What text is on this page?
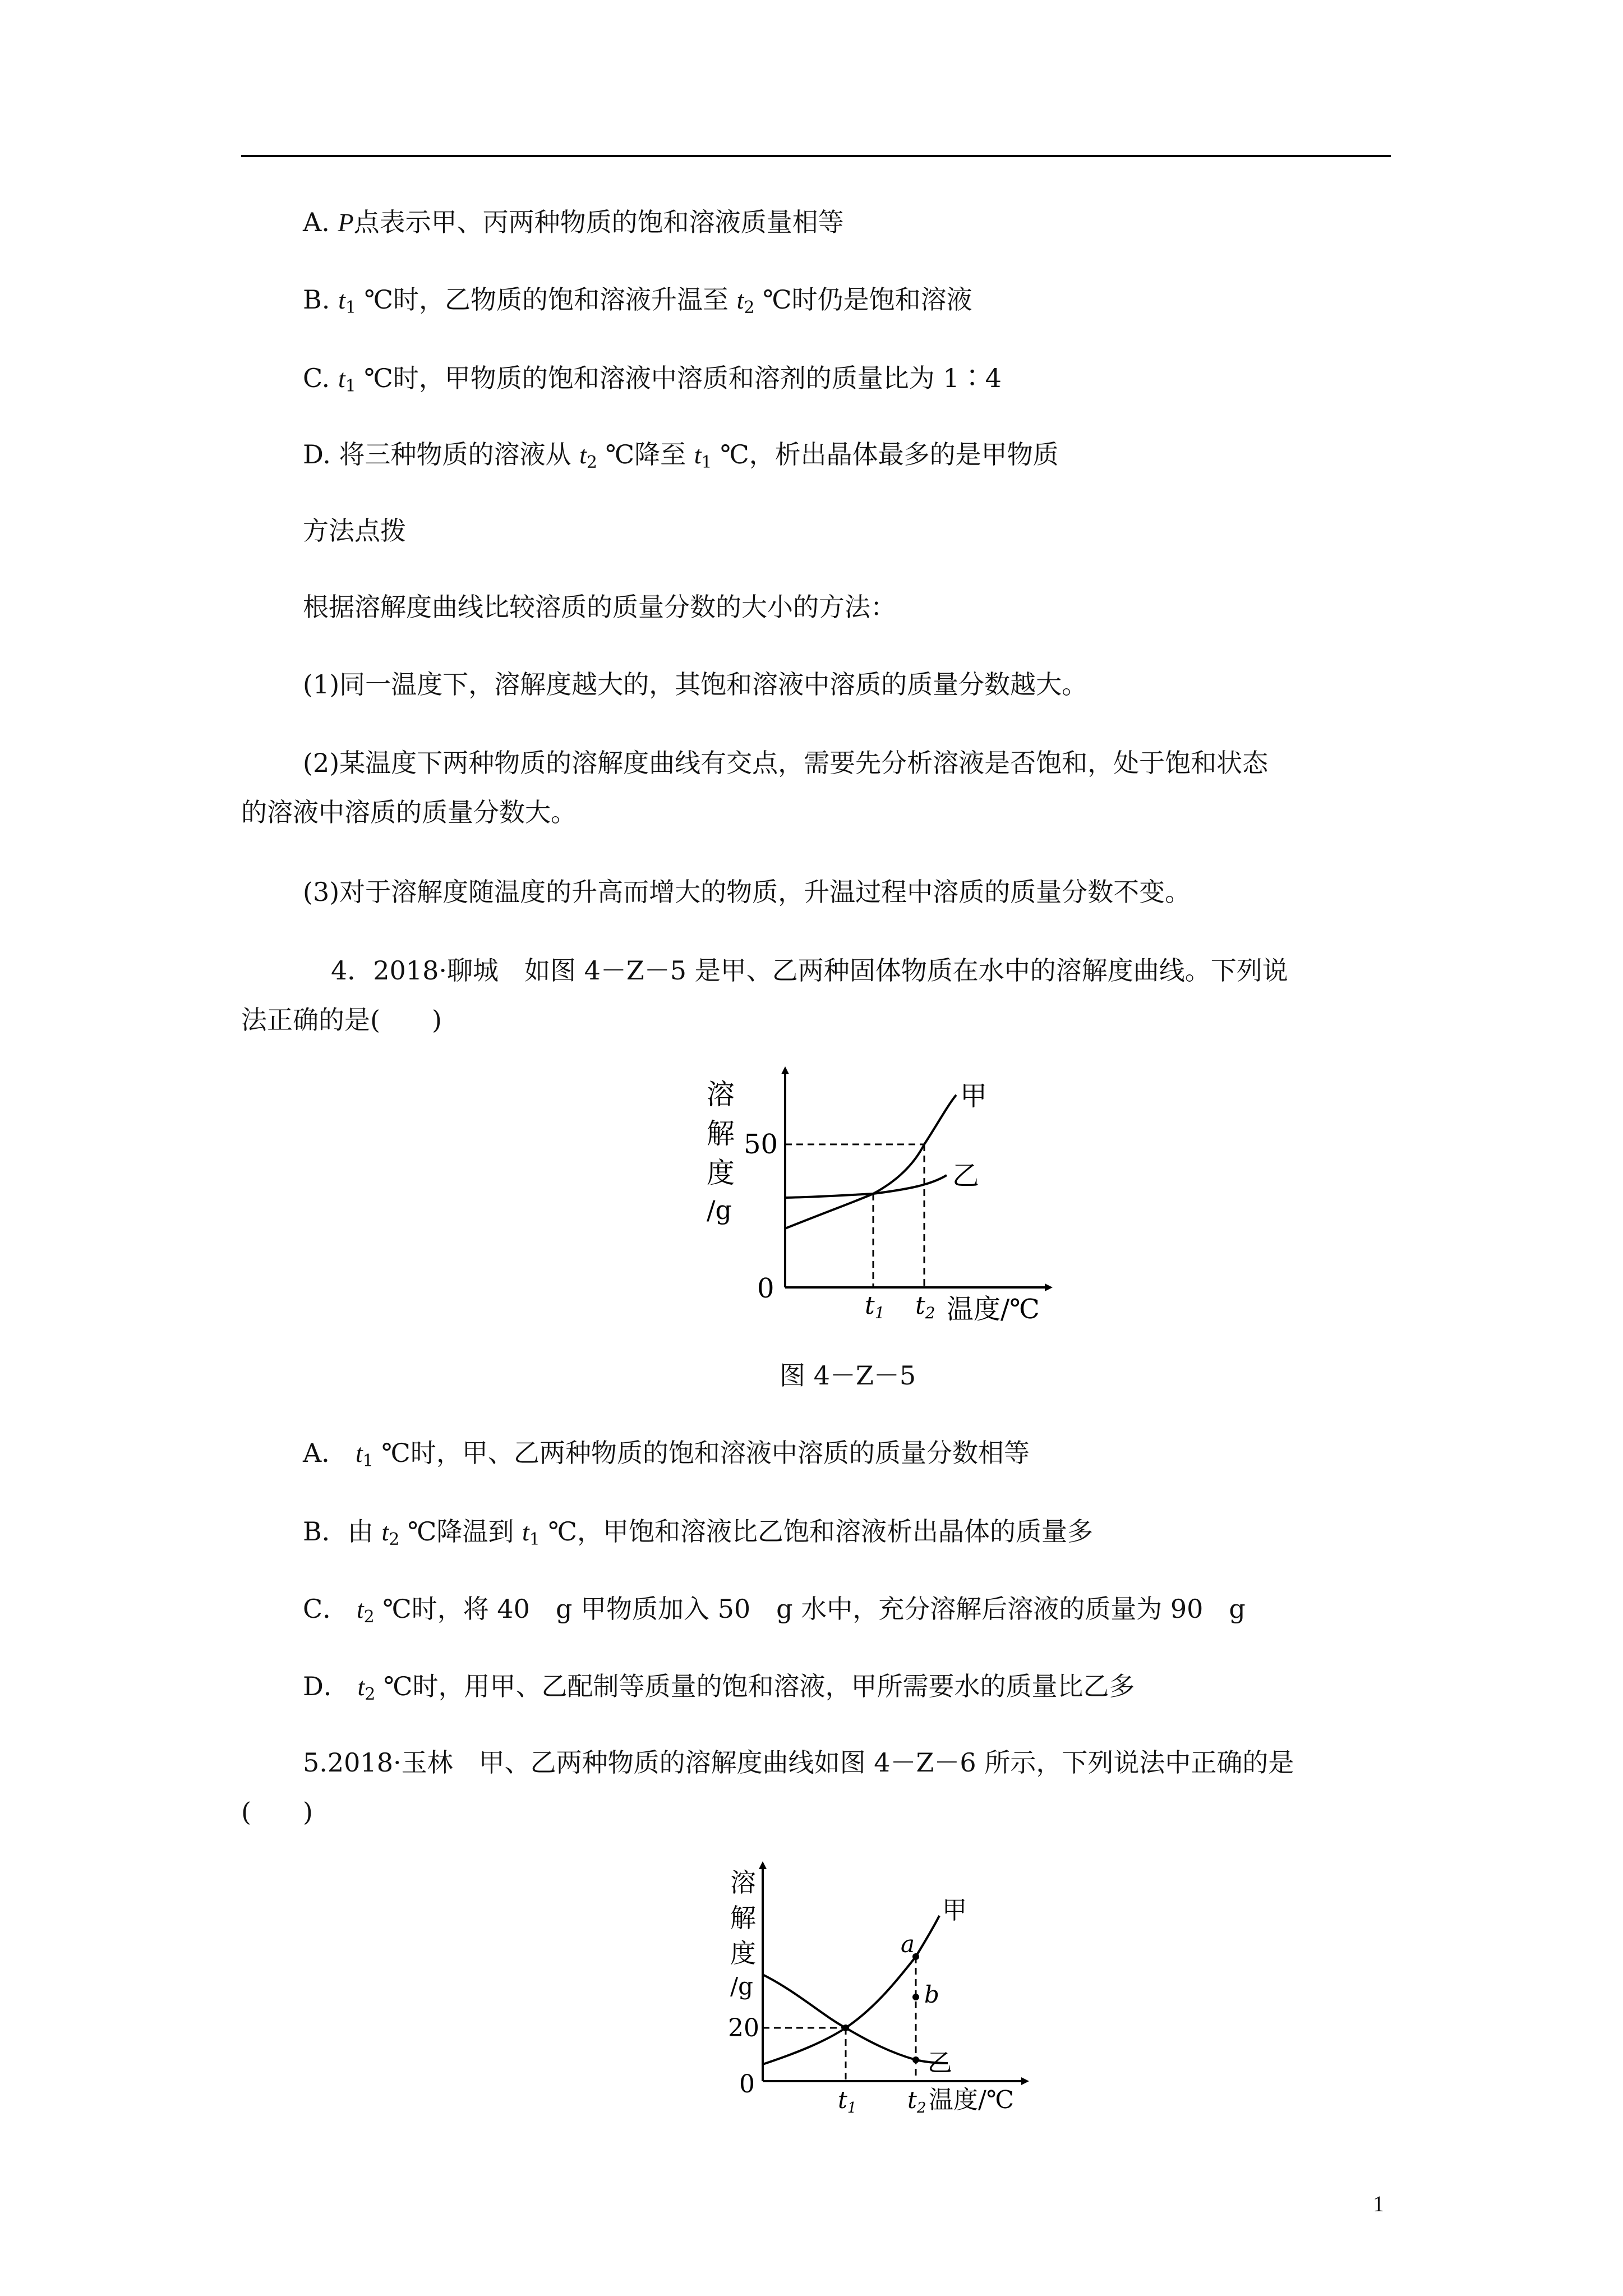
A. P点表示甲、丙两种物质的饱和溶液质量相等
B. $t_1$ ℃时，乙物质的饱和溶液升温至 $t_2$ ℃时仍是饱和溶液
C. $t_1$ ℃时，甲物质的饱和溶液中溶质和溶剂的质量比为 1∶4
D. 将三种物质的溶液从 $t_2$ ℃降至 $t_1$ ℃，析出晶体最多的是甲物质
方法点拨
根据溶解度曲线比较溶质的质量分数的大小的方法：
(1)同一温度下，溶解度越大的，其饱和溶液中溶质的质量分数越大。
(2)某温度下两种物质的溶解度曲线有交点，需要先分析溶液是否饱和，处于饱和状态
的溶液中溶质的质量分数大。
(3)对于溶解度随温度的升高而增大的物质，升温过程中溶质的质量分数不变。
4．2018·聊城　如图 4－Z－5 是甲、乙两种固体物质在水中的溶解度曲线。下列说
法正确的是(　　)
溶
解
度
/g
50
0
甲
乙
t1 t2 温度/℃
图 4－Z－5
A． $t_1$ ℃时，甲、乙两种物质的饱和溶液中溶质的质量分数相等
B．由 $t_2$ ℃降温到 $t_1$ ℃，甲饱和溶液比乙饱和溶液析出晶体的质量多
C． $t_2$ ℃时，将 40　g 甲物质加入 50　g 水中，充分溶解后溶液的质量为 90　g
D． $t_2$ ℃时，用甲、乙配制等质量的饱和溶液，甲所需要水的质量比乙多
5.2018·玉林　甲、乙两种物质的溶解度曲线如图 4－Z－6 所示，下列说法中正确的是
(　　)
溶
解
度
/g
20
0
a
b
甲
乙
t1 t2 温度/℃
1
